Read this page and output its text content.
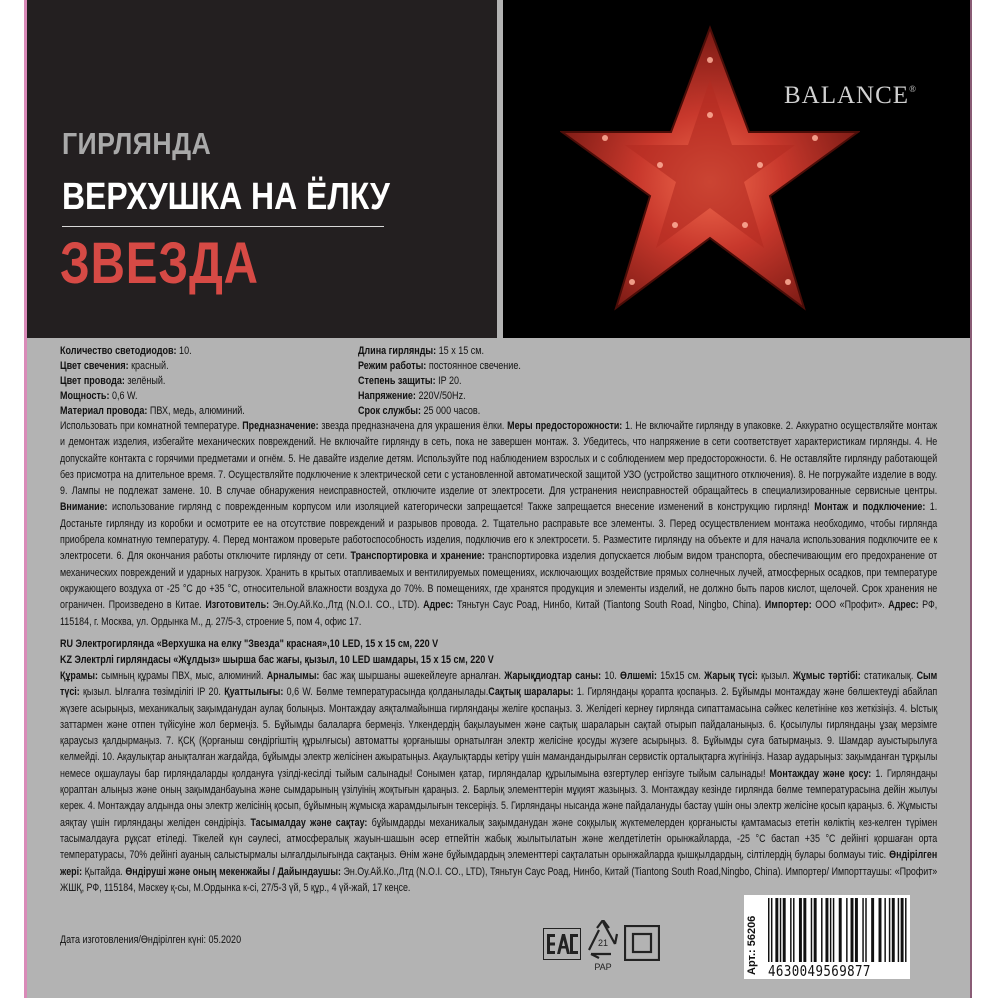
ГИРЛЯНДА
ВЕРХУШКА НА ЁЛКУ
ЗВЕЗДА
BALANCE®
Количество светодиодов: 10.
Цвет свечения: красный.
Цвет провода: зелёный.
Мощность: 0,6 W.
Материал провода: ПВХ, медь, алюминий.
Длина гирлянды: 15 x 15 см.
Режим работы: постоянное свечение.
Степень защиты: IP 20.
Напряжение: 220V/50Hz.
Срок службы: 25 000 часов.
Использовать при комнатной температуре. Предназначение: звезда предназначена для украшения ёлки. Меры предосторожности: 1. Не включайте гирлянду в упаковке. 2. Аккуратно осуществляйте монтаж и демонтаж изделия, избегайте механических повреждений. Не включайте гирлянду в сеть, пока не завершен монтаж. 3. Убедитесь, что напряжение в сети соответствует характеристикам гирлянды. 4. Не допускайте контакта с горячими предметами и огнём. 5. Не давайте изделие детям. Используйте под наблюдением взрослых и с соблюдением мер предосторожности. 6. Не оставляйте гирлянду работающей без присмотра на длительное время. 7. Осуществляйте подключение к электрической сети с установленной автоматической защитой УЗО (устройство защитного отключения). 8. Не погружайте изделие в воду. 9. Лампы не подлежат замене. 10. В случае обнаружения неисправностей, отключите изделие от электросети. Для устранения неисправностей обращайтесь в специализированные сервисные центры. Внимание: использование гирлянд с поврежденным корпусом или изоляцией категорически запрещается! Также запрещается внесение изменений в конструкцию гирлянд! Монтаж и подключение: 1. Достаньте гирлянду из коробки и осмотрите ее на отсутствие повреждений и разрывов провода. 2. Тщательно расправьте все элементы. 3. Перед осуществлением монтажа необходимо, чтобы гирлянда приобрела комнатную температуру. 4. Перед монтажом проверьте работоспособность изделия, подключив его к электросети. 5. Разместите гирлянду на объекте и для начала использования подключите ее к электросети. 6. Для окончания работы отключите гирлянду от сети. Транспортировка и хранение: транспортировка изделия допускается любым видом транспорта, обеспечивающим его предохранение от механических повреждений и ударных нагрузок. Хранить в крытых отапливаемых и вентилируемых помещениях, исключающих воздействие прямых солнечных лучей, атмосферных осадков, при температуре окружающего воздуха от -25 °С до +35 °С, относительной влажности воздуха до 70%. В помещениях, где хранятся продукция и элементы изделий, не должно быть паров кислот, щелочей. Срок хранения не ограничен. Произведено в Китае. Изготовитель: Эн.Оу.Ай.Ко.,Лтд (N.O.I. CO., LTD). Адрес: Тяньтун Саус Роад, Нинбо, Китай (Tiantong South Road, Ningbo, China). Импортер: ООО «Профит». Адрес: РФ, 115184, г. Москва, ул. Ордынка М., д. 27/5-3, строение 5, пом 4, офис 17.
RU Электрогирлянда «Верхушка на елку "Звезда" красная»,10 LED, 15 х 15 см, 220 V
KZ Электрлі гирляндасы «Жұлдыз» шырша бас жағы, қызыл, 10 LED шамдары, 15 х 15 см, 220 V
Құрамы: сымның құрамы ПВХ, мыс, алюминий. Арналымы: бас жақ шыршаны әшекейлеуге арналған. Жарықдиодтар саны: 10. Өлшемі: 15х15 см. Жарық түсі: қызыл. Жұмыс тәртібі: статикалық. Сым түсі: қызыл. Ылғалға төзімділігі IP 20. Қуаттылығы: 0,6 W. Бөлме температурасында қолданылады.Сақтық шаралары: 1. Гирляндаңы қорапта қоспаңыз. 2. Бұйымды монтаждау және бөлшектеуді абайлап жүзеге асырыңыз, механикалық зақымданудан аулақ болыңыз. Монтаждау аяқталмайынша гирляндаңы желіге қоспаңыз. 3. Желідегі кернеу гирлянда сипаттамасына сәйкес келетініне көз жеткізіңіз. 4. Ыстық заттармен және отпен түйісуіне жол бермеңіз. 5. Бұйымды балаларға бермеңіз. Үлкендердің бақылауымен және сақтық шараларын сақтай отырып пайдаланыңыз. 6. Қосылулы гирляндаңы ұзақ мерзімге қараусыз қалдырмаңыз. 7. ҚСҚ (Қорғаныш сөндіргіштің құрылғысы) автоматты қорғанышы орнатылған электр желісіне қосуды жүзеге асырыңыз. 8. Бұйымды суға батырмаңыз. 9. Шамдар ауыстырылуға келмейді. 10. Ақаулықтар анықталған жағдайда, бұйымды электр желісінен ажыратыңыз. Ақаулықтарды кетіру үшін мамандандырылған сервистік орталықтарға жүгініңіз. Назар аударыңыз: зақымданған тұрқылы немесе оқшаулауы бар гирляндаларды қолдануға үзілді-кесілді тыйым салынады! Сонымен қатар, гирляндалар құрылымына өзгертулер енгізуге тыйым салынады! Монтаждау және қосу: 1. Гирляндаңы қораптан алыңыз және оның зақымданбауына және сымдарының үзілуінің жоқтығын қараңыз. 2. Барлық элементтерін мұқият жазыңыз. 3. Монтаждау кезінде гирлянда бөлме температурасына дейін жылуы керек. 4. Монтаждау алдында оны электр желісінің қосып, бұйымның жұмысқа жарамдылығын тексеріңіз. 5. Гирляндаңы нысанда және пайдалануды бастау үшін оны электр желісіне қосып қараңыз. 6. Жұмысты аяқтау үшін гирляндаңы желіден сөндіріңіз. Тасымалдау және сақтау: бұйымдарды механикалық зақымданудан және соққылық жүктемелерден қорғанысты қамтамасыз ететін көліктің кез-келген түрімен тасымалдауға рұқсат етіледі. Тікелей күн сәулесі, атмосфералық жауын-шашын әсер етпейтін жабық жылытылатын және желдетілетін орынжайларда, -25 °С бастап +35 °С дейінгі қоршаған орта температурасы, 70% дейінгі ауаның салыстырмалы ылғалдылығында сақтаңыз. Өнім және бұйымдардың элементтері сақталатын орынжайларда қышқылдардың, сілтілердің булары болмауы тиіс. Өндірілген жері: Қытайда. Өндіруші және оның мекенжайы / Дайындаушы: Эн.Оу.Ай.Ко.,Лтд (N.O.I. CO., LTD), Тяньтун Саус Роад, Нинбо, Китай (Tiantong South Road,Ningbo, China). Импортер/ Импорттаушы: «Профит» ЖШҚ, РФ, 115184, Мәскеу қ-сы, М.Ордынка к-сі, 27/5-3 үй, 5 құр., 4 үй-жай, 17 кеңсе.
Дата изготовления/Өндірілген күні: 05.2020	21
PAP	Арт.: 56206 4630049569877
